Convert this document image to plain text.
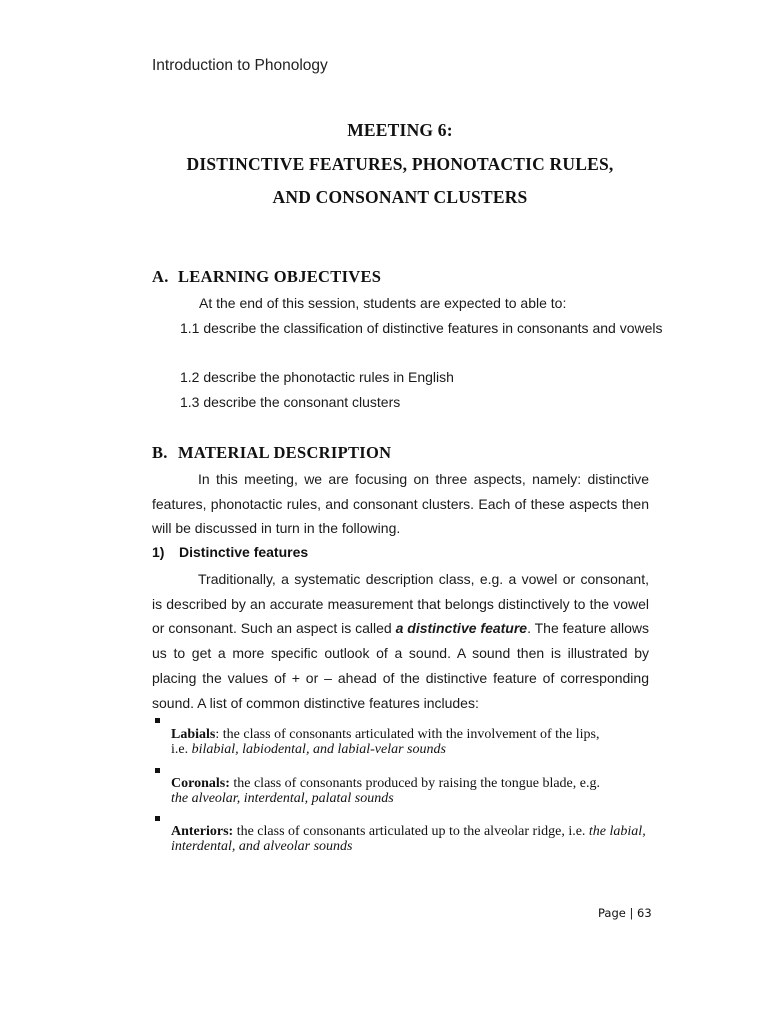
Introduction to Phonology
MEETING 6:
DISTINCTIVE FEATURES, PHONOTACTIC RULES,
AND CONSONANT CLUSTERS
A. LEARNING OBJECTIVES
At the end of this session, students are expected to able to:
1.1 describe the classification of distinctive features in consonants and vowels
1.2 describe the phonotactic rules in English
1.3 describe the consonant clusters
B. MATERIAL DESCRIPTION
In this meeting, we are focusing on three aspects, namely: distinctive features, phonotactic rules, and consonant clusters. Each of these aspects then will be discussed in turn in the following.
1) Distinctive features
Traditionally, a systematic description class, e.g. a vowel or consonant, is described by an accurate measurement that belongs distinctively to the vowel or consonant. Such an aspect is called a distinctive feature. The feature allows us to get a more specific outlook of a sound. A sound then is illustrated by placing the values of + or – ahead of the distinctive feature of corresponding sound. A list of common distinctive features includes:
Labials: the class of consonants articulated with the involvement of the lips,
i.e. bilabial, labiodental, and labial-velar sounds
Coronals: the class of consonants produced by raising the tongue blade, e.g.
the alveolar, interdental, palatal sounds
Anteriors: the class of consonants articulated up to the alveolar ridge, i.e. the labial, interdental, and alveolar sounds
Page | 63
